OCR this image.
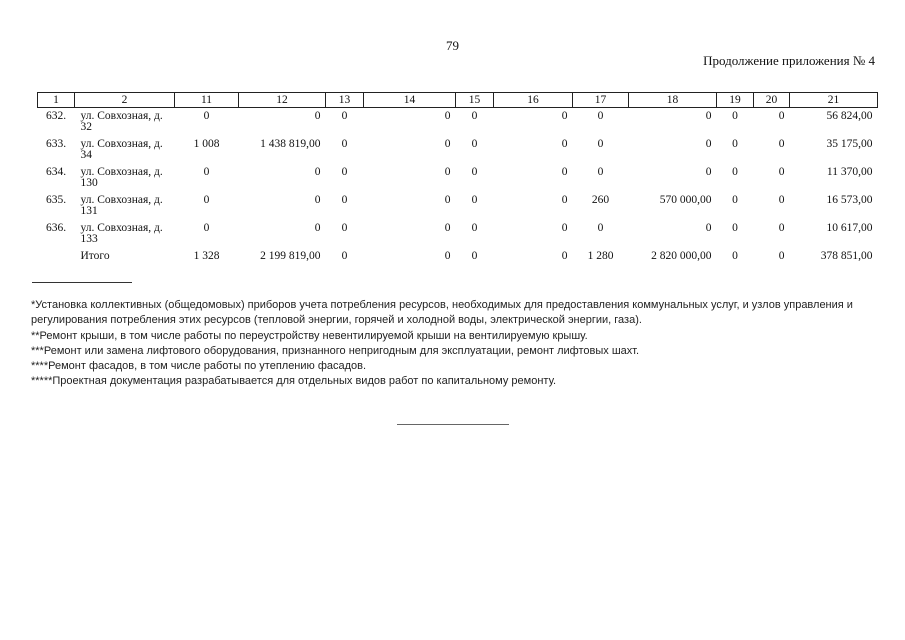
79
Продолжение приложения № 4
1	2	11	12	13	14	15	16	17	18	19	20	21
632.	ул. Совхозная, д. 32	0	0	0	0	0	0	0	0	0	0	56 824,00
633.	ул. Совхозная, д. 34	1 008	1 438 819,00	0	0	0	0	0	0	0	0	35 175,00
634.	ул. Совхозная, д. 130	0	0	0	0	0	0	0	0	0	0	11 370,00
635.	ул. Совхозная, д. 131	0	0	0	0	0	0	260	570 000,00	0	0	16 573,00
636.	ул. Совхозная, д. 133	0	0	0	0	0	0	0	0	0	0	10 617,00
	Итого	1 328	2 199 819,00	0	0	0	0	1 280	2 820 000,00	0	0	378 851,00

*Установка коллективных (общедомовых) приборов учета потребления ресурсов, необходимых для предоставления коммунальных услуг, и узлов управления и регулирования потребления этих ресурсов (тепловой энергии, горячей и холодной воды, электрической энергии, газа).

**Ремонт крыши, в том числе работы по переустройству невентилируемой крыши на вентилируемую крышу.

***Ремонт или замена лифтового оборудования, признанного непригодным для эксплуатации, ремонт лифтовых шахт.

****Ремонт фасадов, в том числе работы по утеплению фасадов.

*****Проектная документация разрабатывается для отдельных видов работ по капитальному ремонту.
